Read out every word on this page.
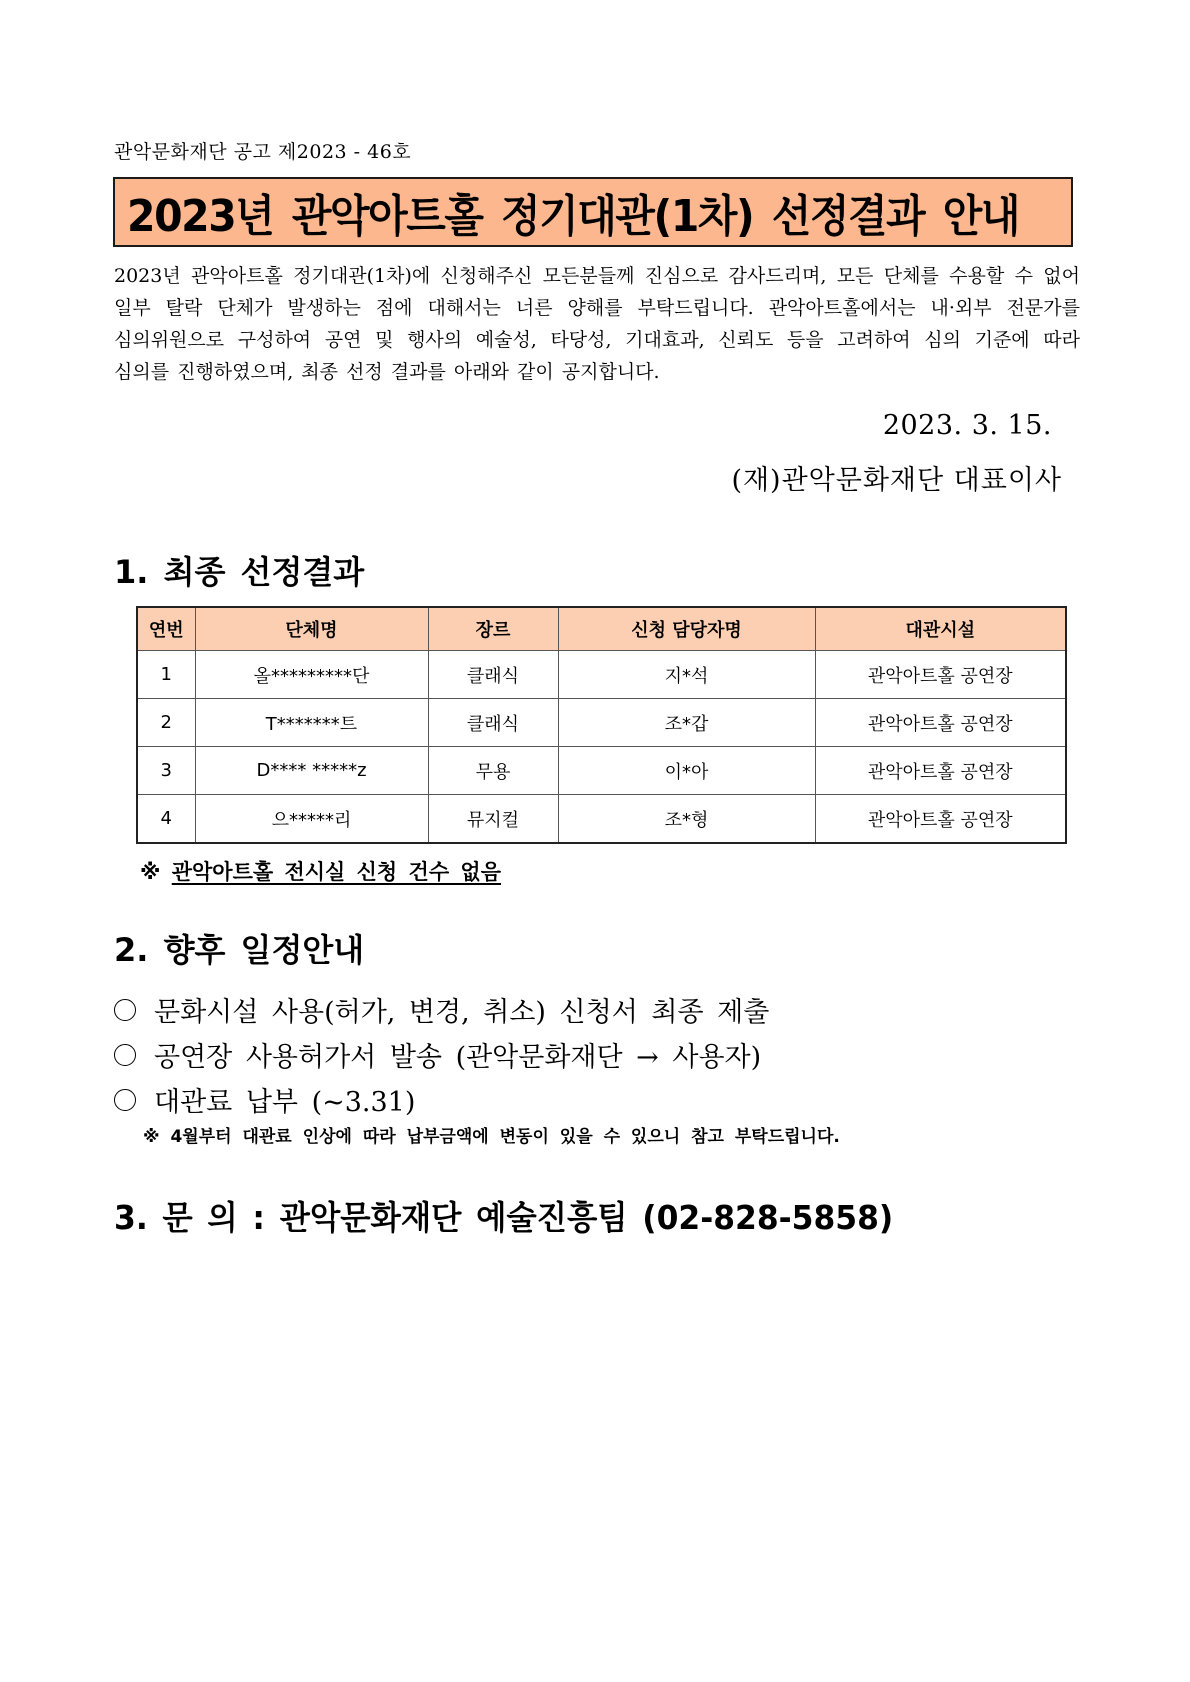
관악문화재단 공고 제2023 - 46호
2023년 관악아트홀 정기대관(1차) 선정결과 안내
2023년 관악아트홀 정기대관(1차)에 신청해주신 모든분들께 진심으로 감사드리며, 모든 단체를 수용할 수 없어
일부 탈락 단체가 발생하는 점에 대해서는 너른 양해를 부탁드립니다. 관악아트홀에서는 내·외부 전문가를
심의위원으로 구성하여 공연 및 행사의 예술성, 타당성, 기대효과, 신뢰도 등을 고려하여 심의 기준에 따라
심의를 진행하였으며, 최종 선정 결과를 아래와 같이 공지합니다.
2023. 3. 15.
(재)관악문화재단 대표이사
1. 최종 선정결과
연번	단체명	장르	신청 담당자명	대관시설
1	올*********단	클래식	지*석	관악아트홀 공연장
2	T*******트	클래식	조*갑	관악아트홀 공연장
3	D**** *****z	무용	이*아	관악아트홀 공연장
4	으*****리	뮤지컬	조*형	관악아트홀 공연장
※ 관악아트홀 전시실 신청 건수 없음
2. 향후 일정안내
문화시설 사용(허가, 변경, 취소) 신청서 최종 제출
공연장 사용허가서 발송 (관악문화재단 → 사용자)
대관료 납부 (~3.31)
※ 4월부터 대관료 인상에 따라 납부금액에 변동이 있을 수 있으니 참고 부탁드립니다.
3. 문 의 : 관악문화재단 예술진흥팀 (02-828-5858)
